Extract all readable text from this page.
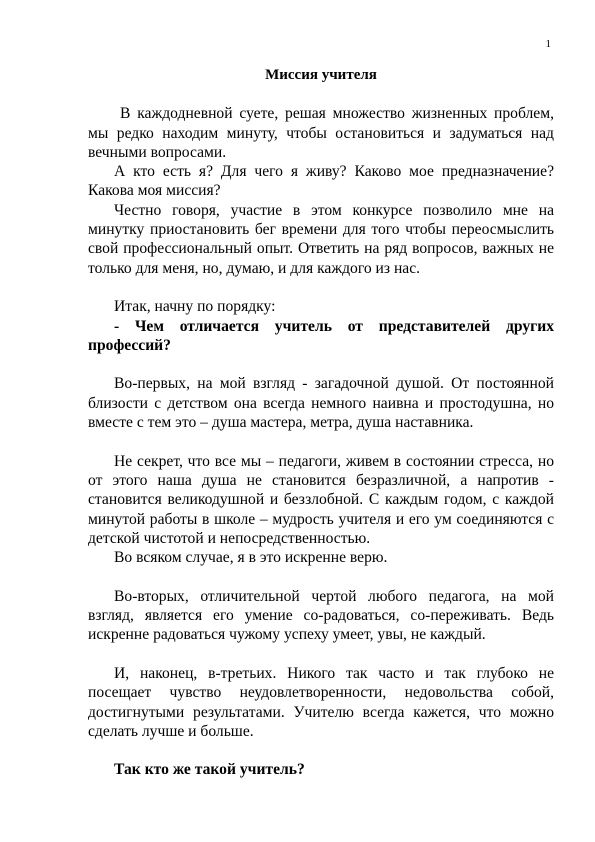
1
Миссия учителя

В каждодневной суете, решая множество жизненных проблем, мы редко находим минуту, чтобы остановиться и задуматься над вечными вопросами.

А кто есть я? Для чего я живу? Каково мое предназначение? Какова моя миссия?

Честно говоря, участие в этом конкурсе позволило мне на минутку приостановить бег времени для того чтобы переосмыслить свой профессиональный опыт. Ответить на ряд вопросов, важных не только для меня, но, думаю, и для каждого из нас.

Итак, начну по порядку:

- Чем отличается учитель от представителей других профессий?

Во-первых, на мой взгляд - загадочной душой. От постоянной близости с детством она всегда немного наивна и простодушна, но вместе с тем это – душа мастера, метра, душа наставника.

Не секрет, что все мы – педагоги, живем в состоянии стресса, но от этого наша душа не становится безразличной, а напротив - становится великодушной и беззлобной. С каждым годом, с каждой минутой работы в школе – мудрость учителя и его ум соединяются с детской чистотой и непосредственностью.

Во всяком случае, я в это искренне верю.

Во-вторых, отличительной чертой любого педагога, на мой взгляд, является его умение со-радоваться, со-переживать. Ведь искренне радоваться чужому успеху умеет, увы, не каждый.

И, наконец, в-третьих. Никого так часто и так глубоко не посещает чувство неудовлетворенности, недовольства собой, достигнутыми результатами. Учителю всегда кажется, что можно сделать лучше и больше.

Так кто же такой учитель?
